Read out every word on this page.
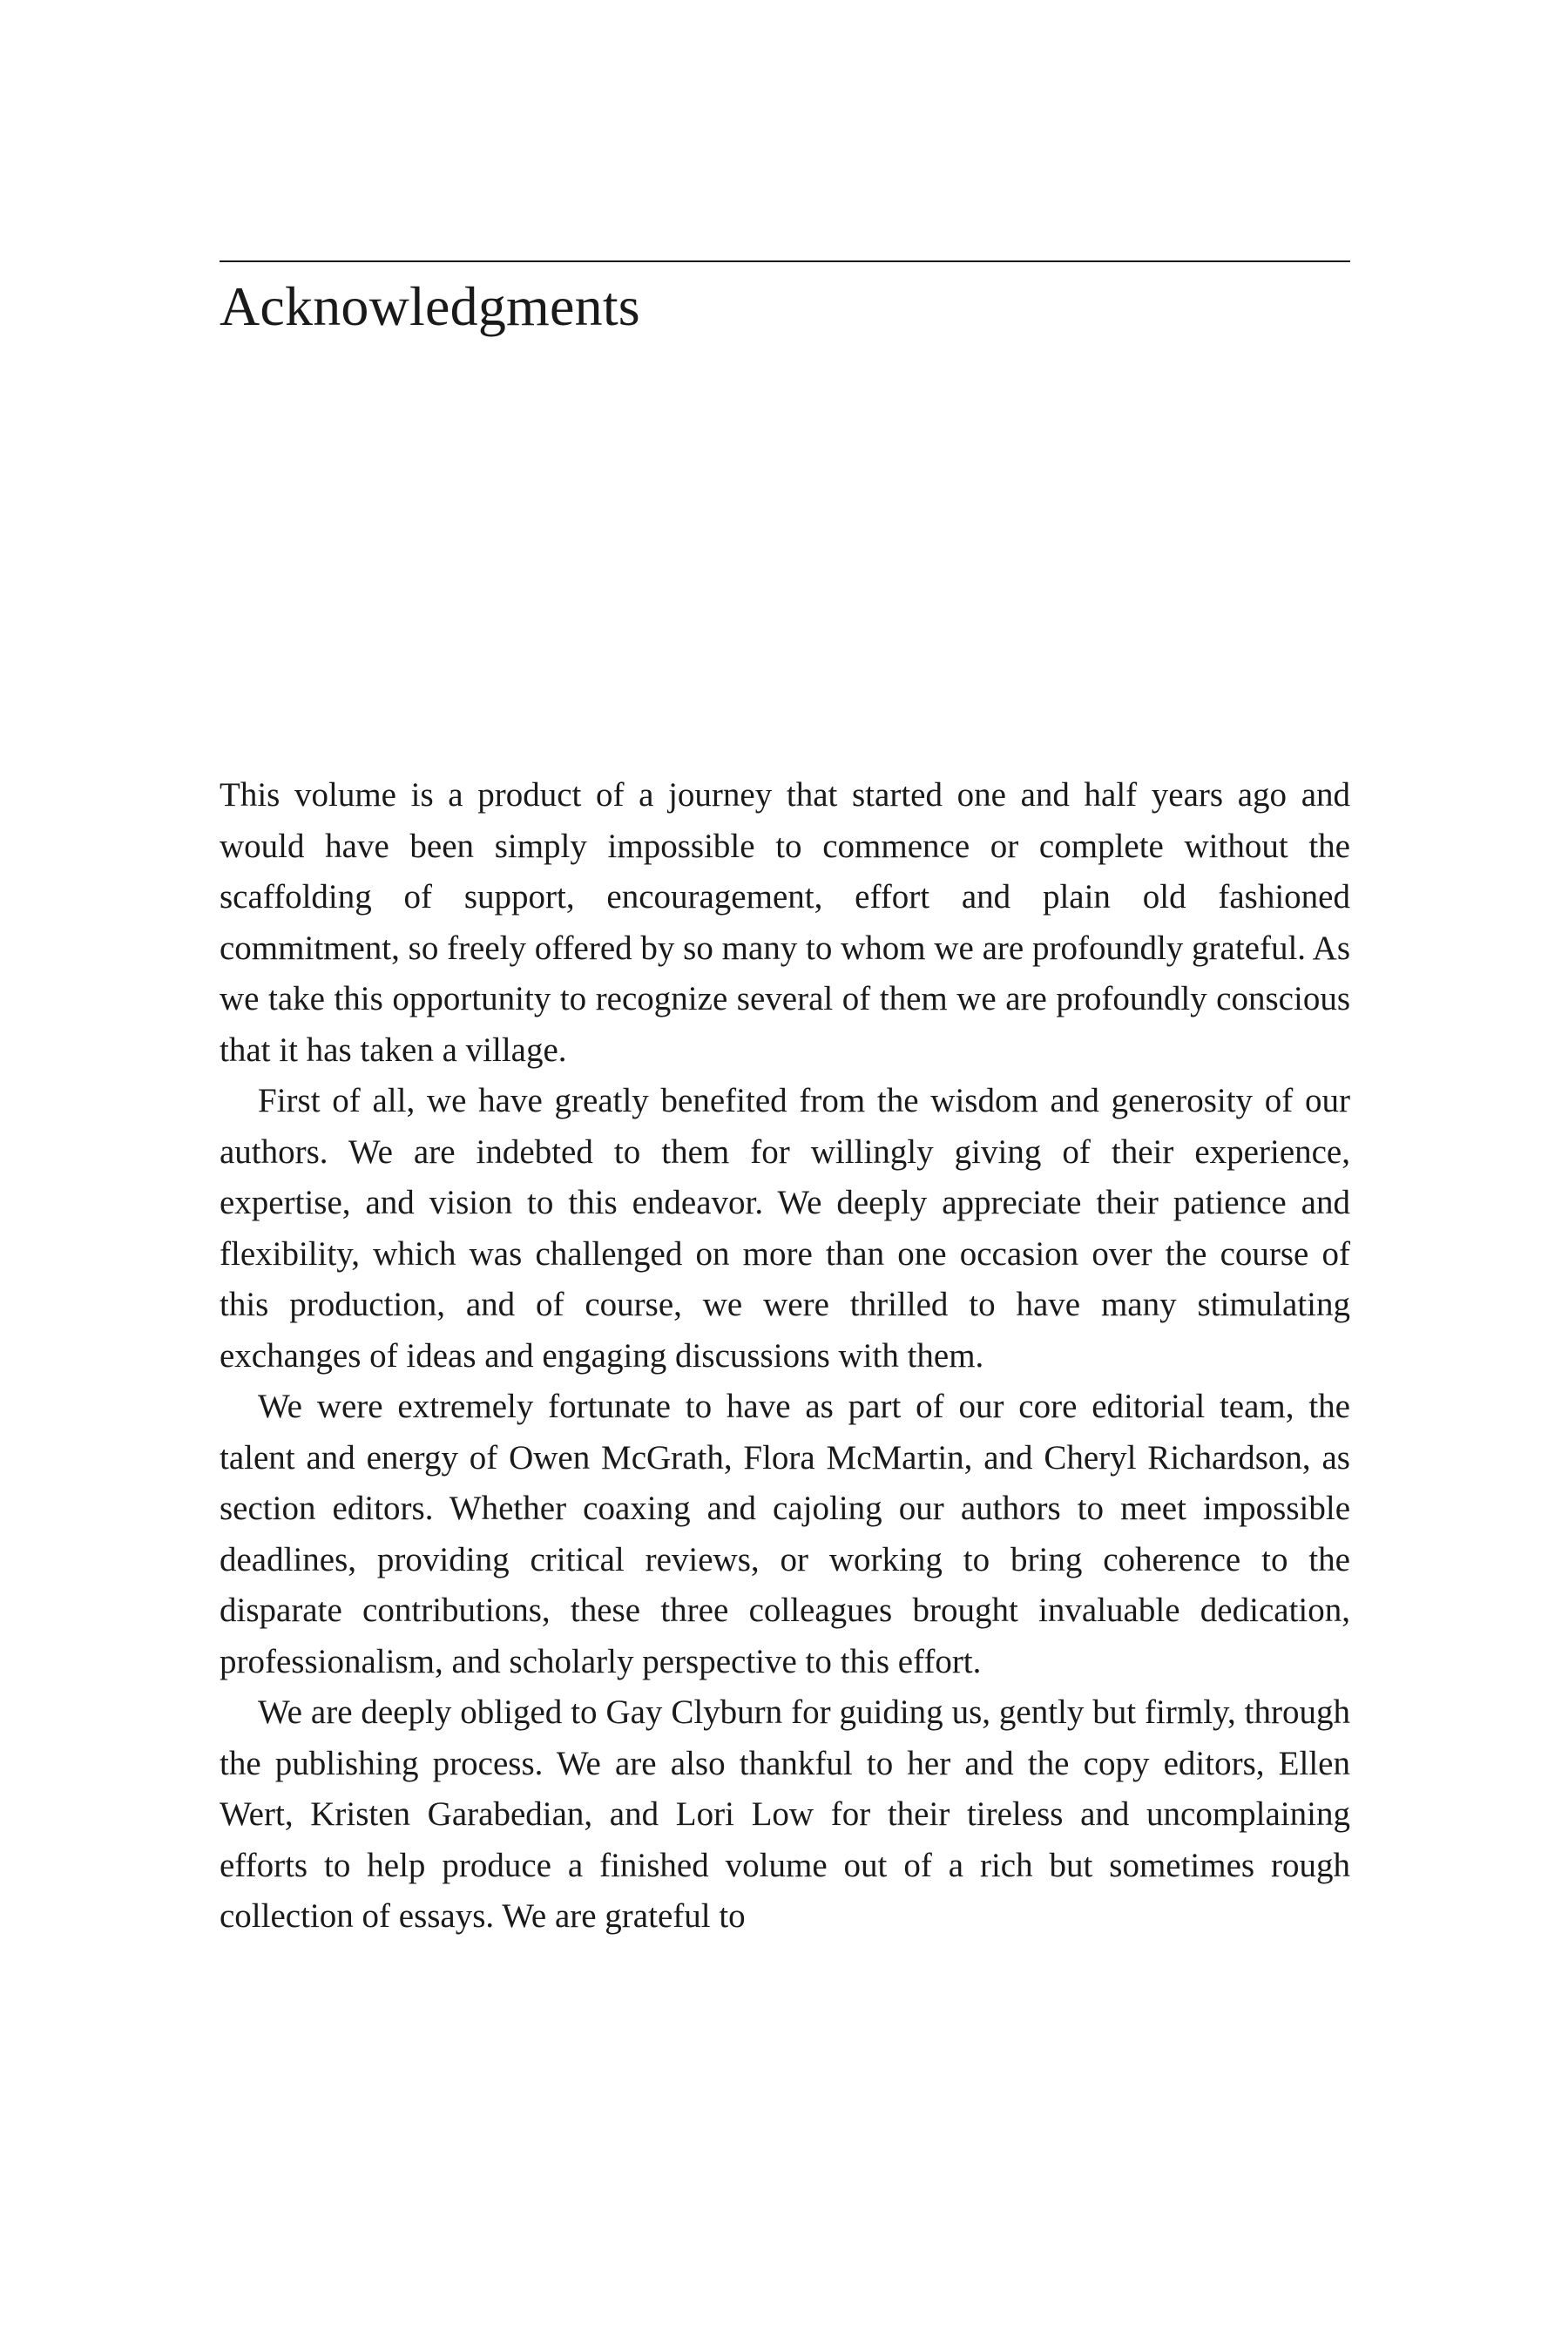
Acknowledgments

This volume is a product of a journey that started one and half years ago and would have been simply impossible to commence or complete without the scaffolding of support, encouragement, effort and plain old fashioned commitment, so freely offered by so many to whom we are profoundly grateful. As we take this opportunity to recognize several of them we are profoundly conscious that it has taken a village.

First of all, we have greatly benefited from the wisdom and generosity of our authors. We are indebted to them for willingly giving of their experience, expertise, and vision to this endeavor. We deeply appreciate their patience and flexibility, which was challenged on more than one occasion over the course of this production, and of course, we were thrilled to have many stimulating exchanges of ideas and engaging discussions with them.

We were extremely fortunate to have as part of our core editorial team, the talent and energy of Owen McGrath, Flora McMartin, and Cheryl Richardson, as section editors. Whether coaxing and cajoling our authors to meet impossible deadlines, providing critical reviews, or working to bring coherence to the disparate contributions, these three colleagues brought invaluable dedication, professionalism, and scholarly perspective to this effort.

We are deeply obliged to Gay Clyburn for guiding us, gently but firmly, through the publishing process. We are also thankful to her and the copy editors, Ellen Wert, Kristen Garabedian, and Lori Low for their tireless and uncomplaining efforts to help produce a finished volume out of a rich but sometimes rough collection of essays. We are grateful to
